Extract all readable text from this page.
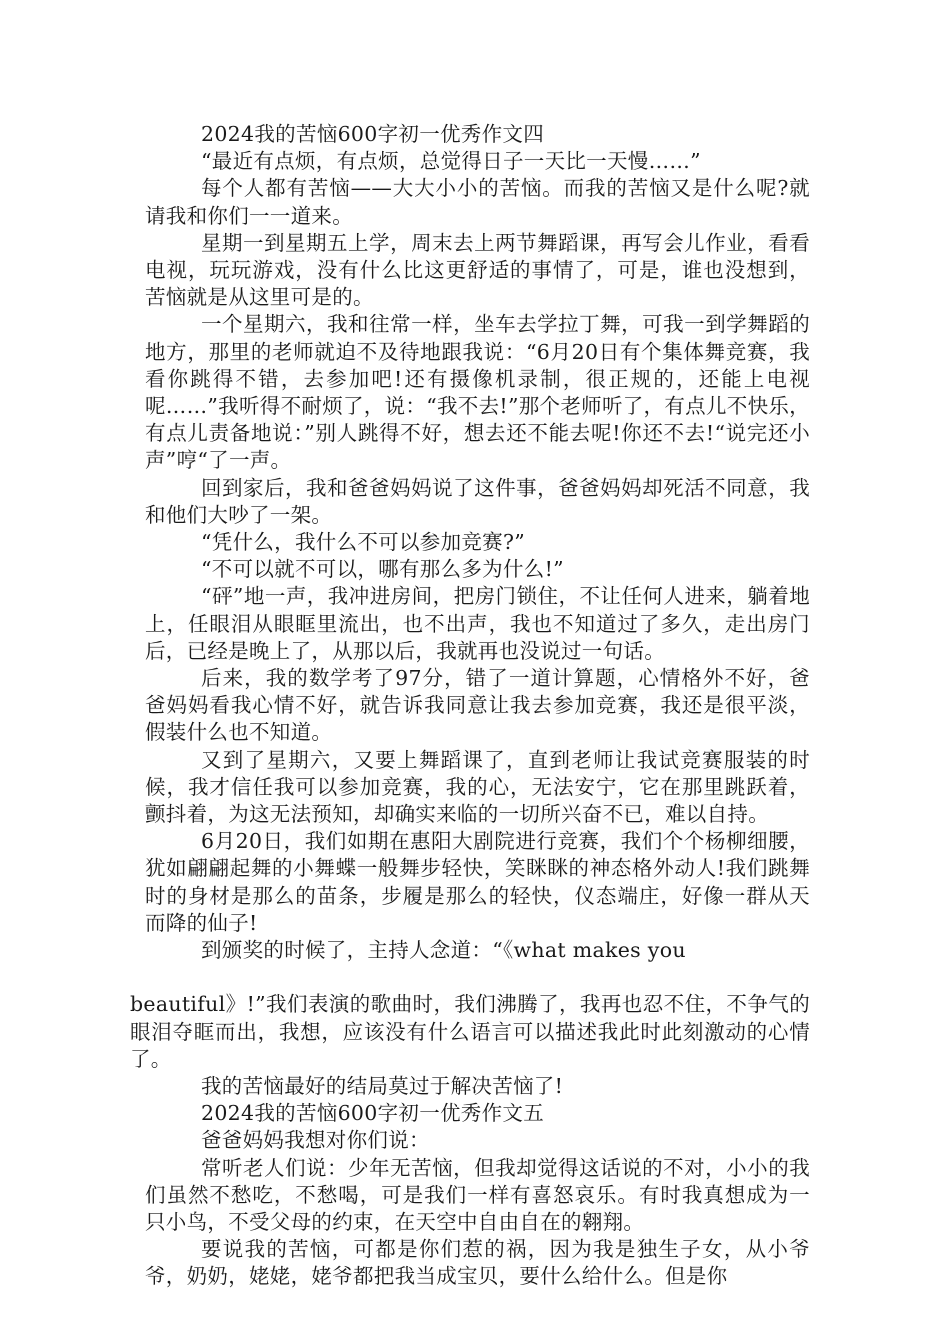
2024我的苦恼600字初一优秀作文四

“最近有点烦，有点烦，总觉得日子一天比一天慢……”

每个人都有苦恼——大大小小的苦恼。而我的苦恼又是什么呢?就请我和你们一一道来。

星期一到星期五上学，周末去上两节舞蹈课，再写会儿作业，看看电视，玩玩游戏，没有什么比这更舒适的事情了，可是，谁也没想到，苦恼就是从这里可是的。

一个星期六，我和往常一样，坐车去学拉丁舞，可我一到学舞蹈的地方，那里的老师就迫不及待地跟我说：“6月20日有个集体舞竞赛，我看你跳得不错，去参加吧!还有摄像机录制，很正规的，还能上电视呢……”我听得不耐烦了，说：“我不去!”那个老师听了，有点儿不快乐，有点儿责备地说：”别人跳得不好，想去还不能去呢!你还不去!“说完还小声”哼“了一声。

回到家后，我和爸爸妈妈说了这件事，爸爸妈妈却死活不同意，我和他们大吵了一架。

“凭什么，我什么不可以参加竞赛?”

“不可以就不可以，哪有那么多为什么!”

“砰”地一声，我冲进房间，把房门锁住，不让任何人进来，躺着地上，任眼泪从眼眶里流出，也不出声，我也不知道过了多久，走出房门后，已经是晚上了，从那以后，我就再也没说过一句话。

后来，我的数学考了97分，错了一道计算题，心情格外不好，爸爸妈妈看我心情不好，就告诉我同意让我去参加竞赛，我还是很平淡，假装什么也不知道。

又到了星期六，又要上舞蹈课了，直到老师让我试竞赛服装的时候，我才信任我可以参加竞赛，我的心，无法安宁，它在那里跳跃着，颤抖着，为这无法预知，却确实来临的一切所兴奋不已，难以自持。

6月20日，我们如期在惠阳大剧院进行竞赛，我们个个杨柳细腰，犹如翩翩起舞的小舞蝶一般舞步轻快，笑眯眯的神态格外动人!我们跳舞时的身材是那么的苗条，步履是那么的轻快，仪态端庄，好像一群从天而降的仙子!

到颁奖的时候了，主持人念道：“《what makes you

beautiful》!”我们表演的歌曲时，我们沸腾了，我再也忍不住，不争气的眼泪夺眶而出，我想，应该没有什么语言可以描述我此时此刻激动的心情了。

我的苦恼最好的结局莫过于解决苦恼了!

2024我的苦恼600字初一优秀作文五

爸爸妈妈我想对你们说：

常听老人们说：少年无苦恼，但我却觉得这话说的不对，小小的我们虽然不愁吃，不愁喝，可是我们一样有喜怒哀乐。有时我真想成为一只小鸟，不受父母的约束，在天空中自由自在的翱翔。

要说我的苦恼，可都是你们惹的祸，因为我是独生子女，从小爷爷，奶奶，姥姥，姥爷都把我当成宝贝，要什么给什么。但是你
